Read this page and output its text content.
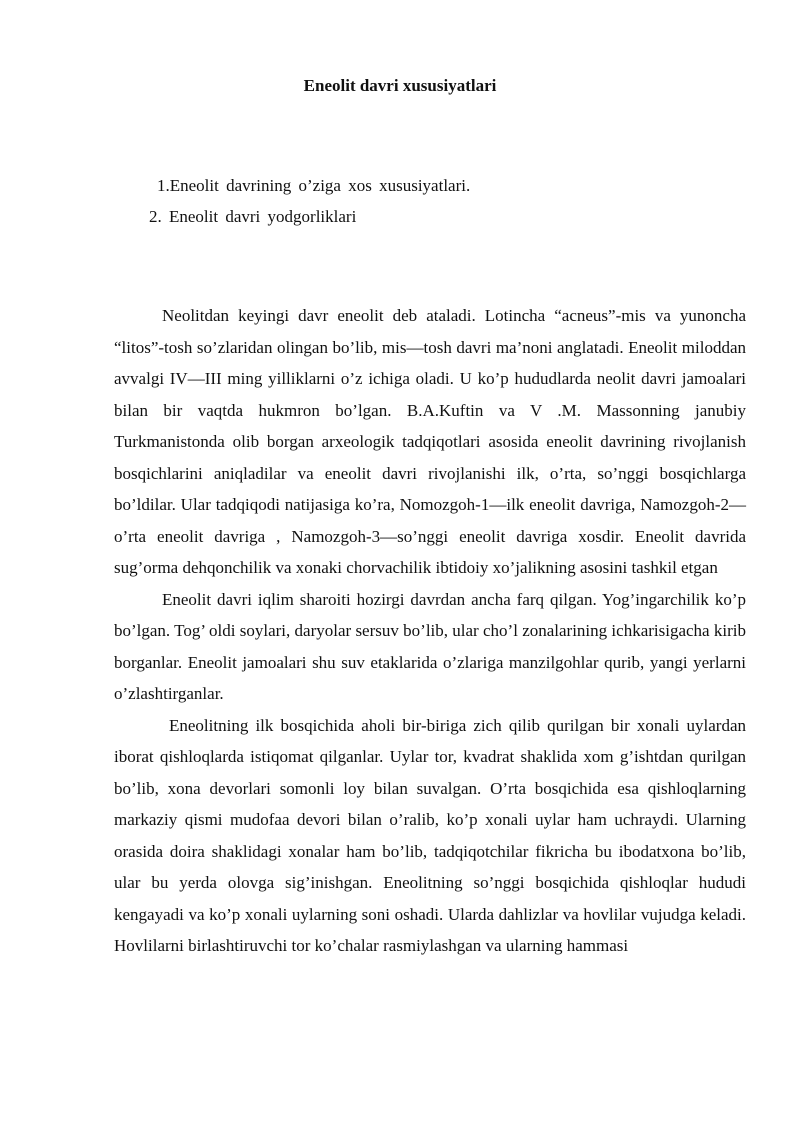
Eneolit davri xususiyatlari
1.Eneolit davrining o’ziga xos xususiyatlari.
2. Eneolit davri yodgorliklari

Neolitdan keyingi davr eneolit deb ataladi. Lotincha “acneus”-mis va yunoncha “litos”-tosh so’zlaridan olingan bo’lib, mis—tosh davri ma’noni anglatadi. Eneolit miloddan avvalgi IV—III ming yilliklarni o’z ichiga oladi. U ko’p hududlarda neolit davri jamoalari bilan bir vaqtda hukmron bo’lgan. B.A.Kuftin va V .M. Massonning janubiy Turkmanistonda olib borgan arxeologik tadqiqotlari asosida eneolit davrining rivojlanish bosqichlarini aniqladilar va eneolit davri rivojlanishi ilk, o’rta, so’nggi bosqichlarga bo’ldilar. Ular tadqiqodi natijasiga ko’ra, Nomozgoh-1—ilk eneolit davriga, Namozgoh-2— o’rta eneolit davriga , Namozgoh-3—so’nggi eneolit davriga xosdir. Eneolit davrida sug’orma dehqonchilik va xonaki chorvachilik ibtidoiy xo’jalikning asosini tashkil etgan

Eneolit davri iqlim sharoiti hozirgi davrdan ancha farq qilgan. Yog’ingarchilik ko’p bo’lgan. Tog’ oldi soylari, daryolar sersuv bo’lib, ular cho’l zonalarining ichkarisigacha kirib borganlar. Eneolit jamoalari shu suv etaklarida o’zlariga manzilgohlar qurib, yangi yerlarni o’zlashtirganlar.

Eneolitning ilk bosqichida aholi bir-biriga zich qilib qurilgan bir xonali uylardan iborat qishloqlarda istiqomat qilganlar. Uylar tor, kvadrat shaklida xom g’ishtdan qurilgan bo’lib, xona devorlari somonli loy bilan suvalgan. O’rta bosqichida esa qishloqlarning markaziy qismi mudofaa devori bilan o’ralib, ko’p xonali uylar ham uchraydi. Ularning orasida doira shaklidagi xonalar ham bo’lib, tadqiqotchilar fikricha bu ibodatxona bo’lib, ular bu yerda olovga sig’inishgan. Eneolitning so’nggi bosqichida qishloqlar hududi kengayadi va ko’p xonali uylarning soni oshadi. Ularda dahlizlar va hovlilar vujudga keladi. Hovlilarni birlashtiruvchi tor ko’chalar rasmiylashgan va ularning hammasi
